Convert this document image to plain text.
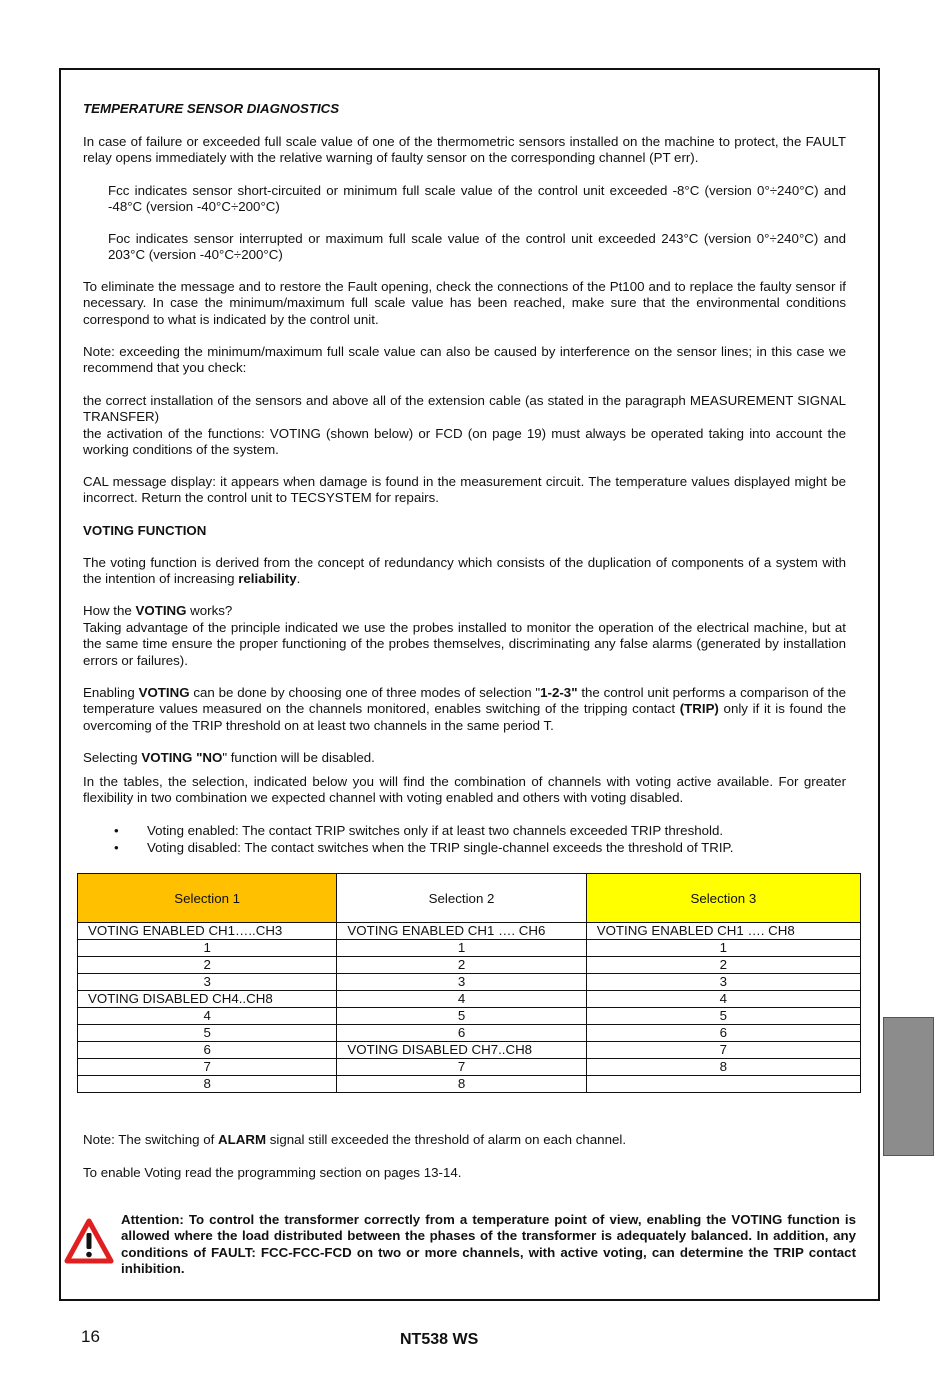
TEMPERATURE SENSOR DIAGNOSTICS

In case of failure or exceeded full scale value of one of the thermometric sensors installed on the machine to protect, the FAULT relay opens immediately with the relative warning of faulty sensor on the corresponding channel (PT err).

Fcc indicates sensor short-circuited or minimum full scale value of the control unit exceeded -8°C (version 0°÷240°C) and -48°C (version -40°C÷200°C)

Foc indicates sensor interrupted or maximum full scale value of the control unit exceeded 243°C (version 0°÷240°C) and 203°C (version -40°C÷200°C)

To eliminate the message and to restore the Fault opening, check the connections of the Pt100 and to replace the faulty sensor if necessary. In case the minimum/maximum full scale value has been reached, make sure that the environmental conditions correspond to what is indicated by the control unit.

Note: exceeding the minimum/maximum full scale value can also be caused by interference on the sensor lines; in this case we recommend that you check:

the correct installation of the sensors and above all of the extension cable (as stated in the paragraph MEASUREMENT SIGNAL TRANSFER)

the activation of the functions: VOTING (shown below) or FCD (on page 19) must always be operated taking into account the working conditions of the system.

CAL message display: it appears when damage is found in the measurement circuit. The temperature values displayed might be incorrect. Return the control unit to TECSYSTEM for repairs.

VOTING FUNCTION

The voting function is derived from the concept of redundancy which consists of the duplication of components of a system with the intention of increasing reliability.

How the VOTING works?

Taking advantage of the principle indicated we use the probes installed to monitor the operation of the electrical machine, but at the same time ensure the proper functioning of the probes themselves, discriminating any false alarms (generated by installation errors or failures).

Enabling VOTING can be done by choosing one of three modes of selection "1-2-3" the control unit performs a comparison of the temperature values measured on the channels monitored, enables switching of the tripping contact (TRIP) only if it is found the overcoming of the TRIP threshold on at least two channels in the same period T.

Selecting VOTING "NO" function will be disabled.

In the tables, the selection, indicated below you will find the combination of channels with voting active available. For greater flexibility in two combination we expected channel with voting enabled and others with voting disabled.

• Voting enabled: The contact TRIP switches only if at least two channels exceeded TRIP threshold.
• Voting disabled: The contact switches when the TRIP single-channel exceeds the threshold of TRIP.
Selection 1	Selection 2	Selection 3
VOTING ENABLED CH1…..CH3	VOTING ENABLED CH1 …. CH6	VOTING ENABLED CH1 …. CH8
1	1	1
2	2	2
3	3	3
VOTING DISABLED CH4..CH8	4	4
4	5	5
5	6	6
6	VOTING DISABLED CH7..CH8	7
7	7	8
8	8	

Note: The switching of ALARM signal still exceeded the threshold of alarm on each channel.

To enable Voting read the programming section on pages 13-14.

Attention: To control the transformer correctly from a temperature point of view, enabling the VOTING function is allowed where the load distributed between the phases of the transformer is adequately balanced. In addition, any conditions of FAULT: FCC-FCC-FCD on two or more channels, with active voting, can determine the TRIP contact inhibition.

16	NT538 WS
